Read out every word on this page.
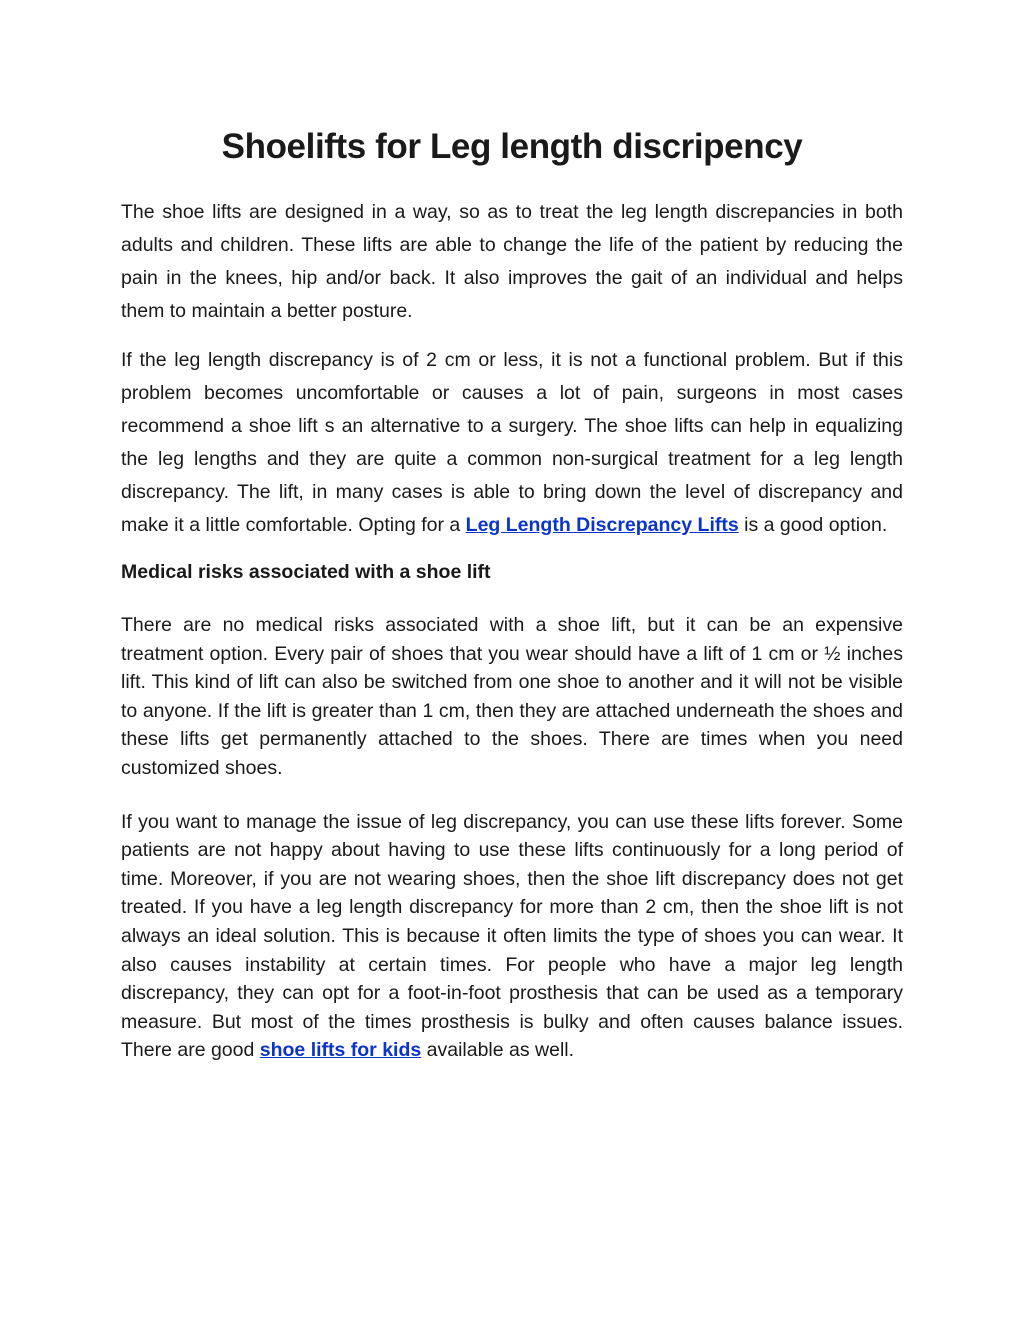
Shoelifts for Leg length discripency

The shoe lifts are designed in a way, so as to treat the leg length discrepancies in both adults and children. These lifts are able to change the life of the patient by reducing the pain in the knees, hip and/or back. It also improves the gait of an individual and helps them to maintain a better posture.

If the leg length discrepancy is of 2 cm or less, it is not a functional problem. But if this problem becomes uncomfortable or causes a lot of pain, surgeons in most cases recommend a shoe lift s an alternative to a surgery. The shoe lifts can help in equalizing the leg lengths and they are quite a common non-surgical treatment for a leg length discrepancy. The lift, in many cases is able to bring down the level of discrepancy and make it a little comfortable. Opting for a Leg Length Discrepancy Lifts is a good option.

Medical risks associated with a shoe lift

There are no medical risks associated with a shoe lift, but it can be an expensive treatment option. Every pair of shoes that you wear should have a lift of 1 cm or ½ inches lift. This kind of lift can also be switched from one shoe to another and it will not be visible to anyone. If the lift is greater than 1 cm, then they are attached underneath the shoes and these lifts get permanently attached to the shoes. There are times when you need customized shoes.

If you want to manage the issue of leg discrepancy, you can use these lifts forever. Some patients are not happy about having to use these lifts continuously for a long period of time. Moreover, if you are not wearing shoes, then the shoe lift discrepancy does not get treated. If you have a leg length discrepancy for more than 2 cm, then the shoe lift is not always an ideal solution. This is because it often limits the type of shoes you can wear. It also causes instability at certain times. For people who have a major leg length discrepancy, they can opt for a foot-in-foot prosthesis that can be used as a temporary measure. But most of the times prosthesis is bulky and often causes balance issues. There are good shoe lifts for kids available as well.
